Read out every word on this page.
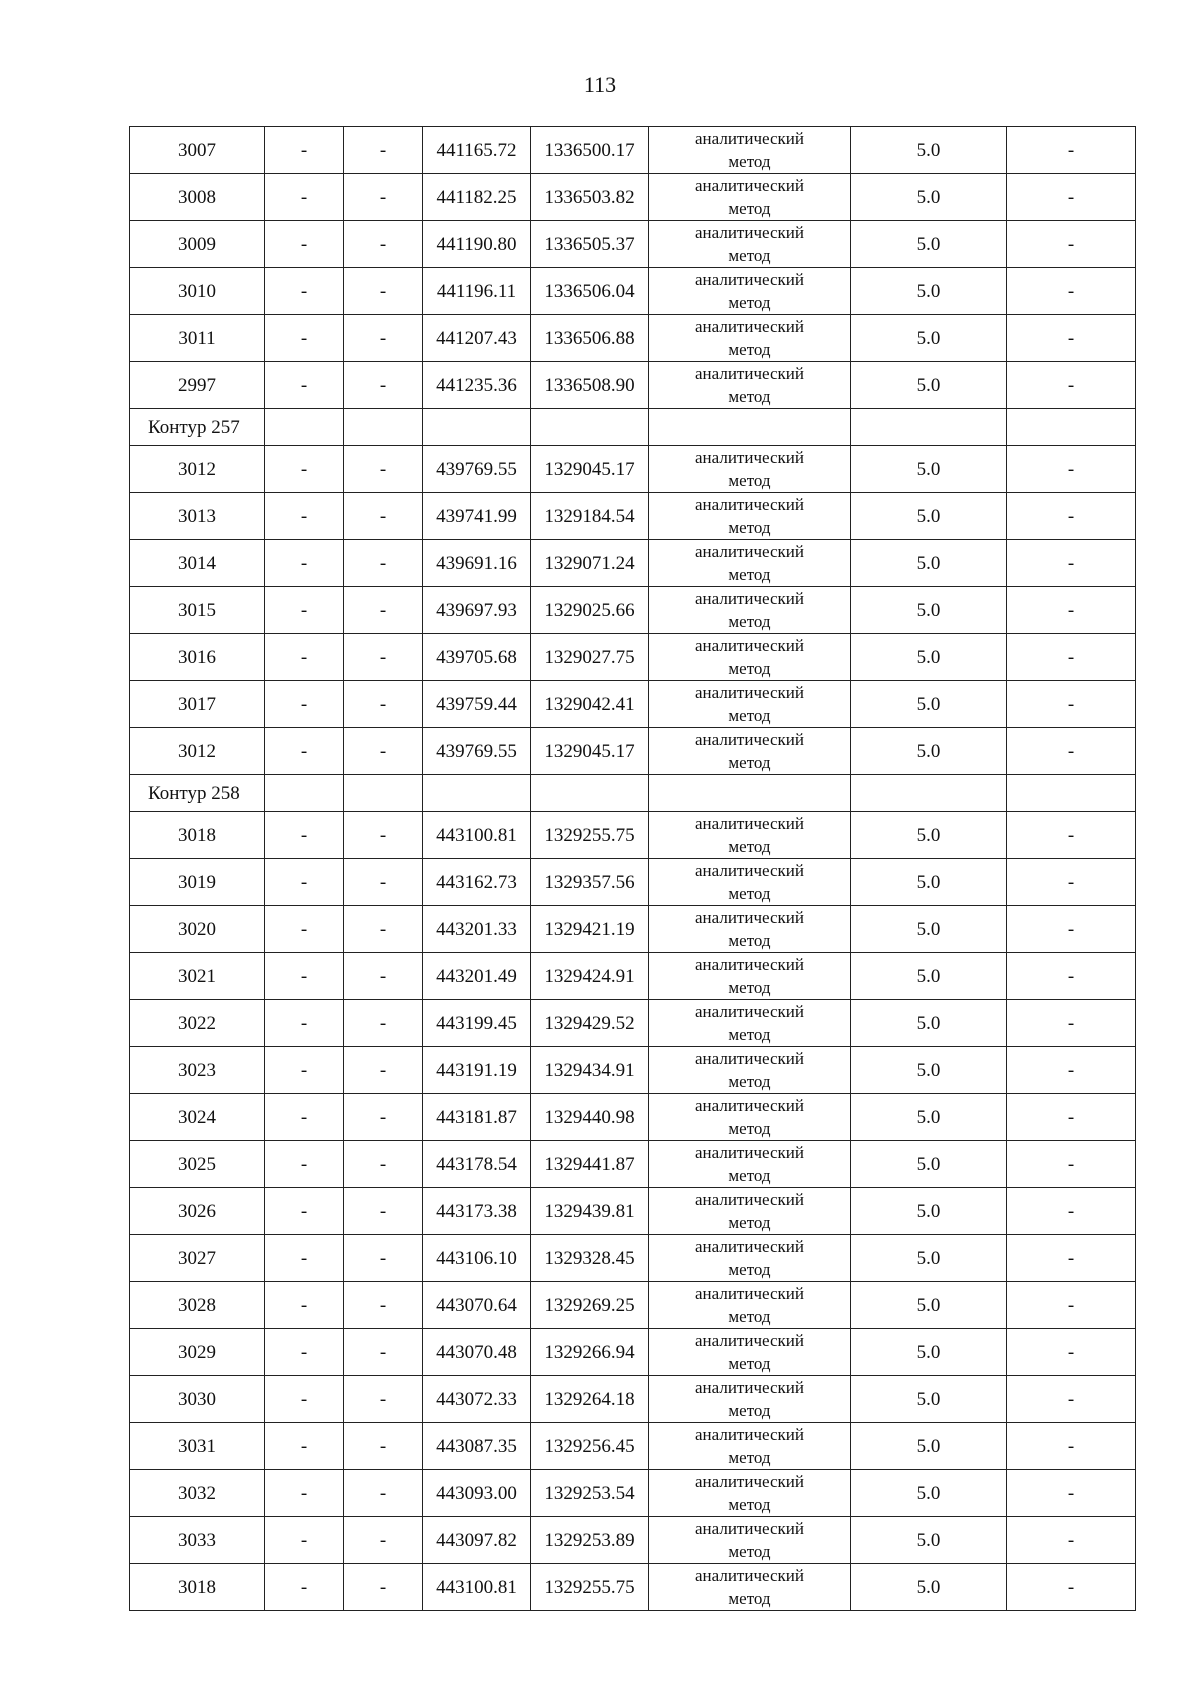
113
3007	-	-	441165.72	1336500.17	аналитический
метод	5.0	-
3008	-	-	441182.25	1336503.82	аналитический
метод	5.0	-
3009	-	-	441190.80	1336505.37	аналитический
метод	5.0	-
3010	-	-	441196.11	1336506.04	аналитический
метод	5.0	-
3011	-	-	441207.43	1336506.88	аналитический
метод	5.0	-
2997	-	-	441235.36	1336508.90	аналитический
метод	5.0	-
Контур 257							
3012	-	-	439769.55	1329045.17	аналитический
метод	5.0	-
3013	-	-	439741.99	1329184.54	аналитический
метод	5.0	-
3014	-	-	439691.16	1329071.24	аналитический
метод	5.0	-
3015	-	-	439697.93	1329025.66	аналитический
метод	5.0	-
3016	-	-	439705.68	1329027.75	аналитический
метод	5.0	-
3017	-	-	439759.44	1329042.41	аналитический
метод	5.0	-
3012	-	-	439769.55	1329045.17	аналитический
метод	5.0	-
Контур 258							
3018	-	-	443100.81	1329255.75	аналитический
метод	5.0	-
3019	-	-	443162.73	1329357.56	аналитический
метод	5.0	-
3020	-	-	443201.33	1329421.19	аналитический
метод	5.0	-
3021	-	-	443201.49	1329424.91	аналитический
метод	5.0	-
3022	-	-	443199.45	1329429.52	аналитический
метод	5.0	-
3023	-	-	443191.19	1329434.91	аналитический
метод	5.0	-
3024	-	-	443181.87	1329440.98	аналитический
метод	5.0	-
3025	-	-	443178.54	1329441.87	аналитический
метод	5.0	-
3026	-	-	443173.38	1329439.81	аналитический
метод	5.0	-
3027	-	-	443106.10	1329328.45	аналитический
метод	5.0	-
3028	-	-	443070.64	1329269.25	аналитический
метод	5.0	-
3029	-	-	443070.48	1329266.94	аналитический
метод	5.0	-
3030	-	-	443072.33	1329264.18	аналитический
метод	5.0	-
3031	-	-	443087.35	1329256.45	аналитический
метод	5.0	-
3032	-	-	443093.00	1329253.54	аналитический
метод	5.0	-
3033	-	-	443097.82	1329253.89	аналитический
метод	5.0	-
3018	-	-	443100.81	1329255.75	аналитический
метод	5.0	-
